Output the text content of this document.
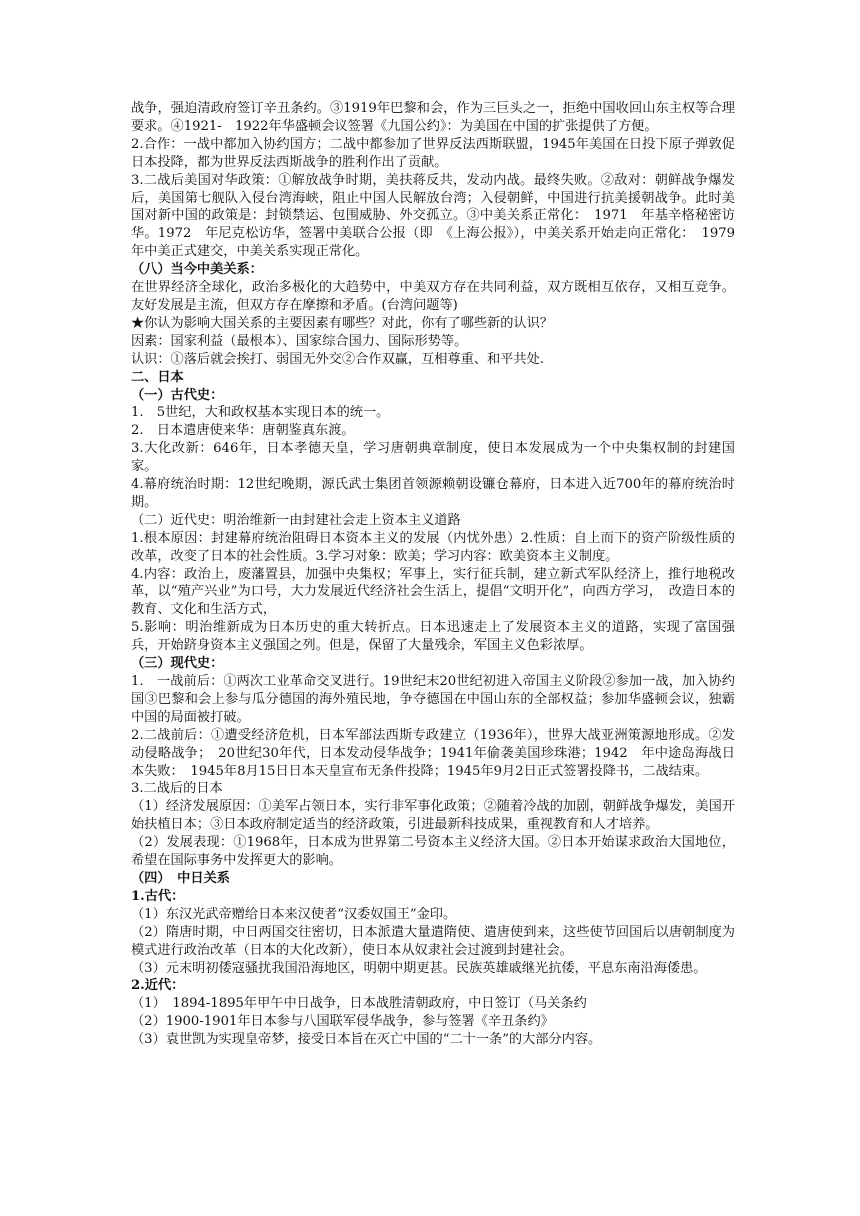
战争，强迫清政府签订辛丑条约。③1919年巴黎和会，作为三巨头之一，拒绝中国收回山东主权等合理要求。④1921-　1922年华盛顿会议签署《九国公约》：为美国在中国的扩张提供了方便。

2.合作：一战中都加入协约国方；二战中都参加了世界反法西斯联盟，1945年美国在日投下原子弹敦促日本投降，都为世界反法西斯战争的胜利作出了贡献。

3.二战后美国对华政策：①解放战争时期，美扶蒋反共，发动内战。最终失败。②敌对：朝鲜战争爆发后，美国第七舰队入侵台湾海峡，阻止中国人民解放台湾；入侵朝鲜，中国进行抗美援朝战争。此时美国对新中国的政策是：封锁禁运、包围威胁、外交孤立。③中美关系正常化：　1971　年基辛格秘密访华。1972　年尼克松访华，签署中美联合公报（即　《上海公报》），中美关系开始走向正常化：　1979　年中美正式建交，中美关系实现正常化。

（八）当今中美关系：

在世界经济全球化，政治多极化的大趋势中，中美双方存在共同利益，双方既相互依存，又相互竞争。友好发展是主流，但双方存在摩擦和矛盾。(台湾问题等)

★你认为影响大国关系的主要因素有哪些？对此，你有了哪些新的认识？

因素：国家利益（最根本）、国家综合国力、国际形势等。

认识：①落后就会挨打、弱国无外交②合作双赢，互相尊重、和平共处.

二、日本

（一）古代史：

1.　5世纪，大和政权基本实现日本的统一。

2.　日本遣唐使来华：唐朝鉴真东渡。

3.大化改新：646年，日本孝德天皇，学习唐朝典章制度，使日本发展成为一个中央集权制的封建国家。

4.幕府统治时期：12世纪晚期，源氏武士集团首领源赖朝设镰仓幕府，日本进入近700年的幕府统治时期。

（二）近代史：明治维新一由封建社会走上资本主义道路

1.根本原因：封建幕府统治阻碍日本资本主义的发展（内忧外患）2.性质：自上而下的资产阶级性质的改革，改变了日本的社会性质。3.学习对象：欧美；学习内容：欧美资本主义制度。

4.内容：政治上，废藩置县，加强中央集权；军事上，实行征兵制，建立新式军队经济上，推行地税改革，以“殖产兴业”为口号，大力发展近代经济社会生活上，提倡“文明开化”，向西方学习，　改造日本的教育、文化和生活方式，

5.影响：明治维新成为日本历史的重大转折点。日本迅速走上了发展资本主义的道路，实现了富国强兵，开始跻身资本主义强国之列。但是，保留了大量残余，军国主义色彩浓厚。

（三）现代史：

1.　一战前后：①两次工业革命交叉进行。19世纪末20世纪初进入帝国主义阶段②参加一战，加入协约国③巴黎和会上参与瓜分德国的海外殖民地，争夺德国在中国山东的全部权益；参加华盛顿会议，独霸中国的局面被打破。

2.二战前后：①遭受经济危机，日本军部法西斯专政建立（1936年），世界大战亚洲策源地形成。②发动侵略战争；　20世纪30年代，日本发动侵华战争；1941年偷袭美国珍珠港；1942　年中途岛海战日本失败：　1945年8月15日日本天皇宣布无条件投降；1945年9月2日正式签署投降书，二战结束。

3.二战后的日本

（1）经济发展原因：①美军占领日本，实行非军事化政策；②随着冷战的加剧，朝鲜战争爆发，美国开始扶植日本；③日本政府制定适当的经济政策，引进最新科技成果，重视教育和人才培养。

（2）发展表现：①1968年，日本成为世界第二号资本主义经济大国。②日本开始谋求政治大国地位，希望在国际事务中发挥更大的影响。

（四）　中日关系

1.古代：

（1）东汉光武帝赠给日本来汉使者“汉委奴国王”金印。

（2）隋唐时期，中日两国交往密切，日本派遣大量遣隋使、遣唐使到来，这些使节回国后以唐朝制度为模式进行政治改革（日本的大化改新），使日本从奴隶社会过渡到封建社会。

（3）元末明初倭寇骚扰我国沿海地区，明朝中期更甚。民族英雄戚继光抗倭，平息东南沿海倭患。

2.近代：

（1）　1894-1895年甲午中日战争，日本战胜清朝政府，中日签订（马关条约

（2）1900-1901年日本参与八国联军侵华战争，参与签署《辛丑条约》

（3）袁世凯为实现皇帝梦，接受日本旨在灭亡中国的“二十一条”的大部分内容。
